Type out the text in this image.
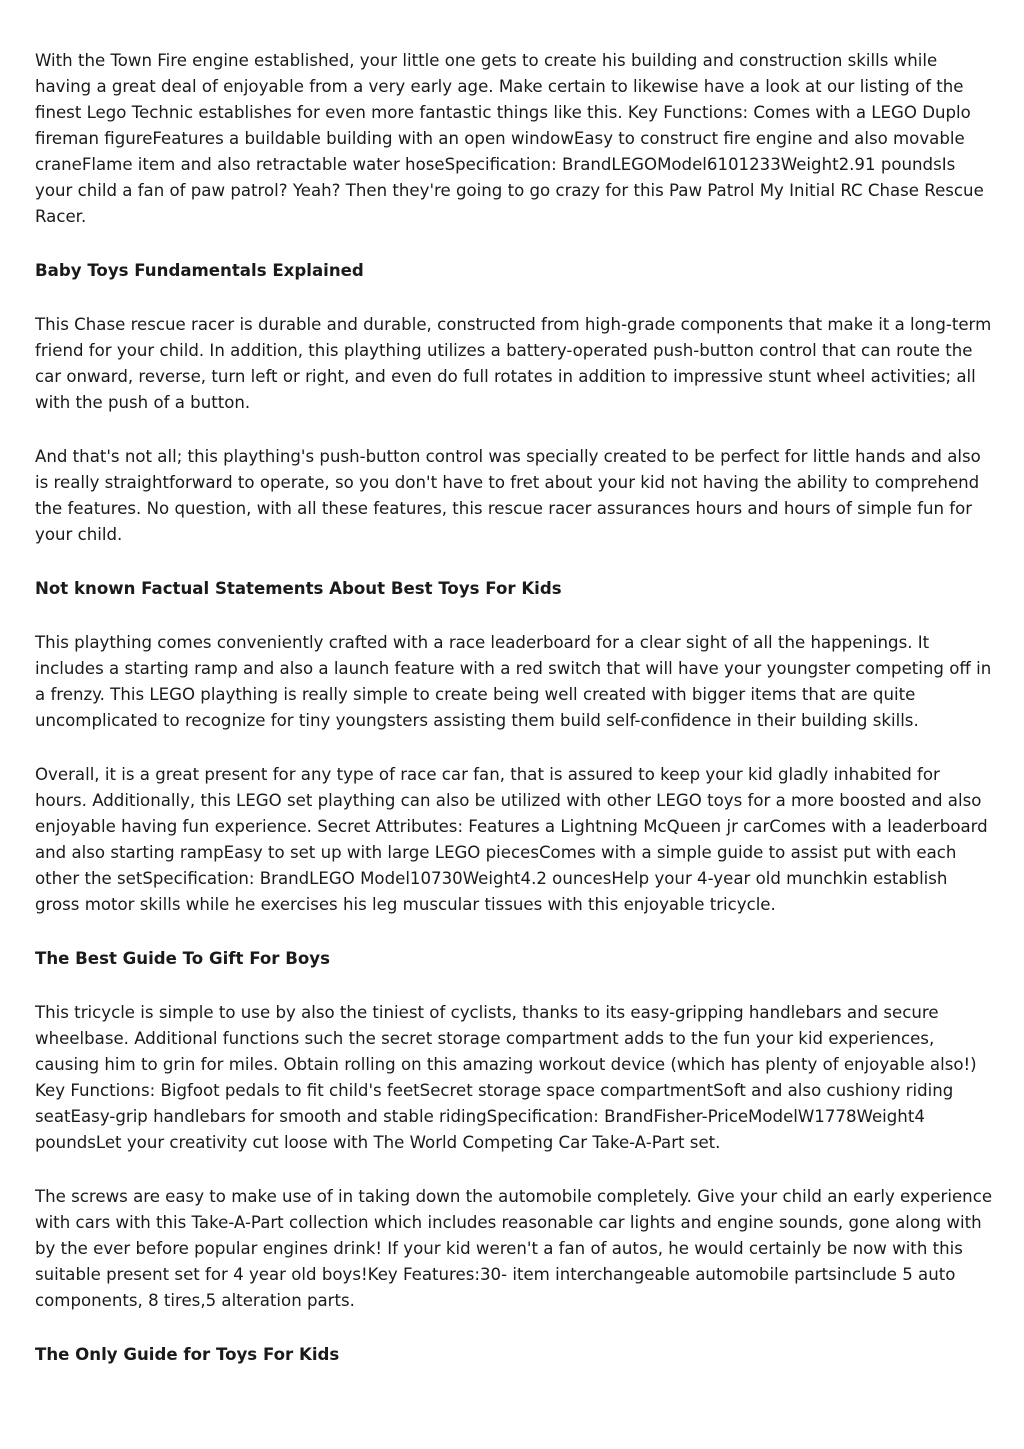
With the Town Fire engine established, your little one gets to create his building and construction skills while having a great deal of enjoyable from a very early age. Make certain to likewise have a look at our listing of the finest Lego Technic establishes for even more fantastic things like this. Key Functions: Comes with a LEGO Duplo fireman figureFeatures a buildable building with an open windowEasy to construct fire engine and also movable craneFlame item and also retractable water hoseSpecification: BrandLEGOModel6101233Weight2.91 poundsIs your child a fan of paw patrol? Yeah? Then they're going to go crazy for this Paw Patrol My Initial RC Chase Rescue Racer.

Baby Toys Fundamentals Explained

This Chase rescue racer is durable and durable, constructed from high-grade components that make it a long-term friend for your child. In addition, this plaything utilizes a battery-operated push-button control that can route the car onward, reverse, turn left or right, and even do full rotates in addition to impressive stunt wheel activities; all with the push of a button.

And that's not all; this plaything's push-button control was specially created to be perfect for little hands and also is really straightforward to operate, so you don't have to fret about your kid not having the ability to comprehend the features. No question, with all these features, this rescue racer assurances hours and hours of simple fun for your child.

Not known Factual Statements About Best Toys For Kids

This plaything comes conveniently crafted with a race leaderboard for a clear sight of all the happenings. It includes a starting ramp and also a launch feature with a red switch that will have your youngster competing off in a frenzy. This LEGO plaything is really simple to create being well created with bigger items that are quite uncomplicated to recognize for tiny youngsters assisting them build self-confidence in their building skills.

Overall, it is a great present for any type of race car fan, that is assured to keep your kid gladly inhabited for hours. Additionally, this LEGO set plaything can also be utilized with other LEGO toys for a more boosted and also enjoyable having fun experience. Secret Attributes: Features a Lightning McQueen jr carComes with a leaderboard and also starting rampEasy to set up with large LEGO piecesComes with a simple guide to assist put with each other the setSpecification: BrandLEGO Model10730Weight4.2 ouncesHelp your 4-year old munchkin establish gross motor skills while he exercises his leg muscular tissues with this enjoyable tricycle.

The Best Guide To Gift For Boys

This tricycle is simple to use by also the tiniest of cyclists, thanks to its easy-gripping handlebars and secure wheelbase. Additional functions such the secret storage compartment adds to the fun your kid experiences, causing him to grin for miles. Obtain rolling on this amazing workout device (which has plenty of enjoyable also!) Key Functions: Bigfoot pedals to fit child's feetSecret storage space compartmentSoft and also cushiony riding seatEasy-grip handlebars for smooth and stable ridingSpecification: BrandFisher-PriceModelW1778Weight4 poundsLet your creativity cut loose with The World Competing Car Take-A-Part set.

The screws are easy to make use of in taking down the automobile completely. Give your child an early experience with cars with this Take-A-Part collection which includes reasonable car lights and engine sounds, gone along with by the ever before popular engines drink! If your kid weren't a fan of autos, he would certainly be now with this suitable present set for 4 year old boys!Key Features:30- item interchangeable automobile partsinclude 5 auto components, 8 tires,5 alteration parts.

The Only Guide for Toys For Kids
